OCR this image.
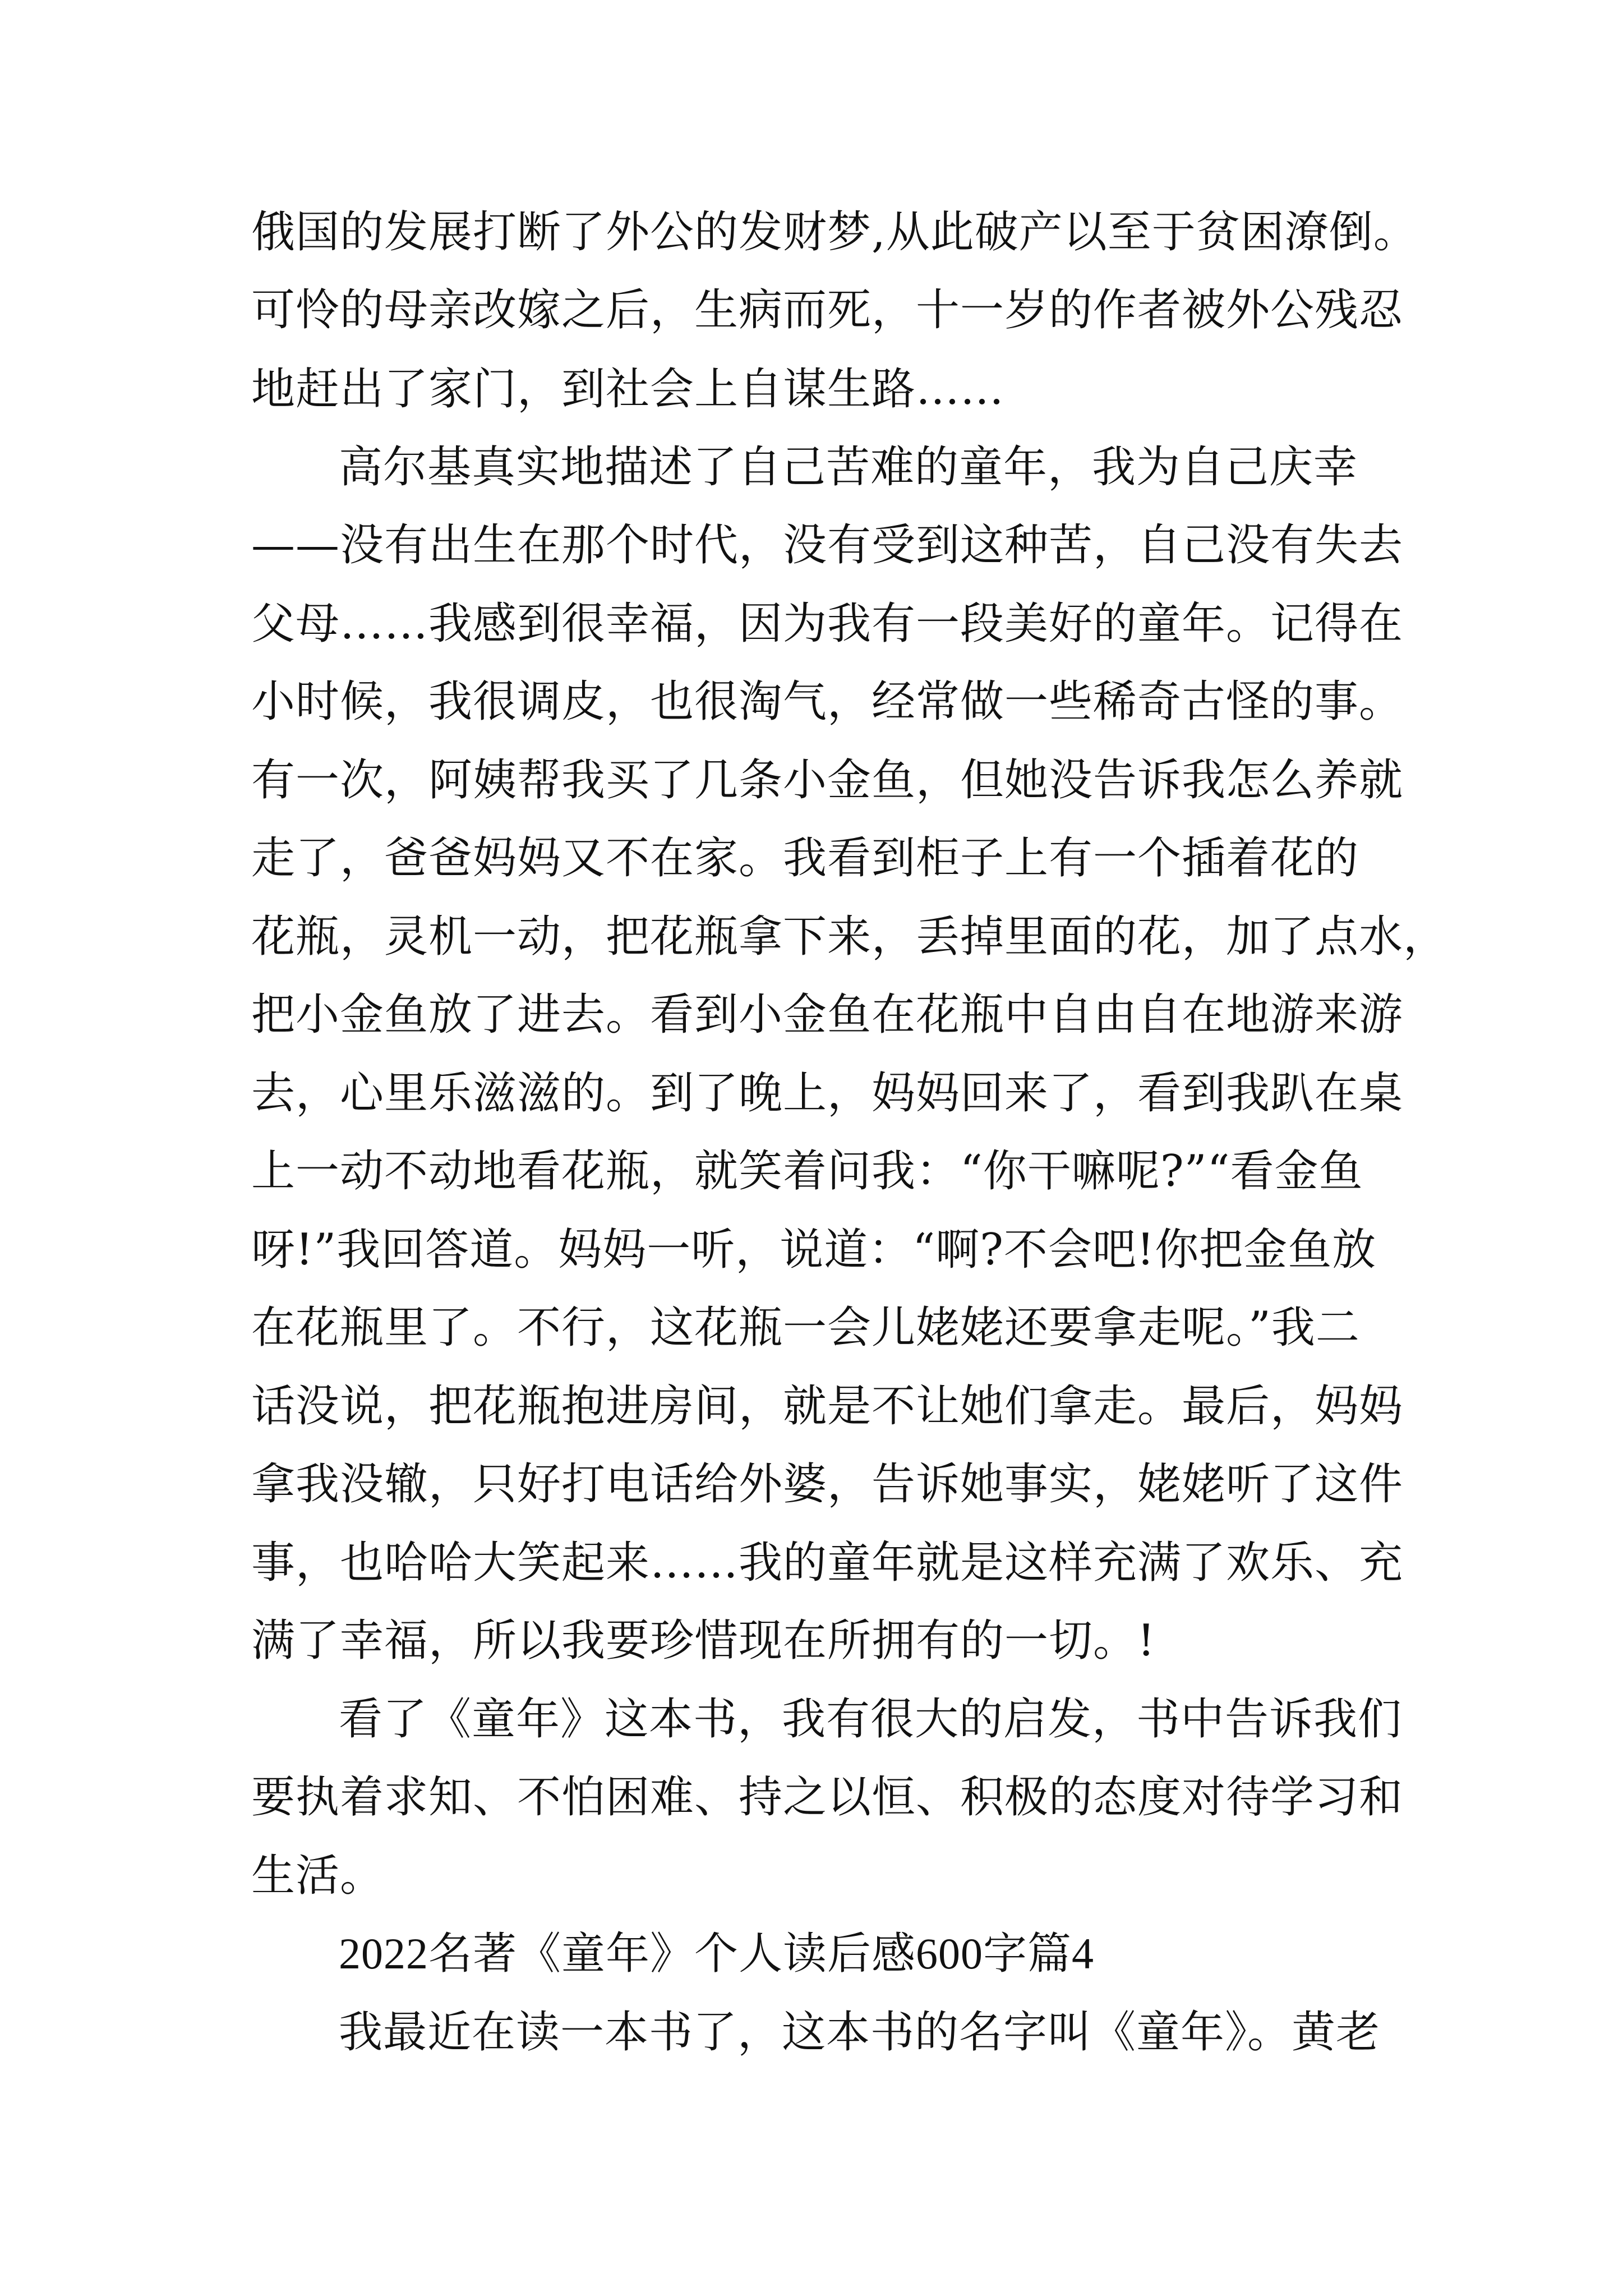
俄国的发展打断了外公的发财梦,从此破产以至于贫困潦倒。
可怜的母亲改嫁之后，生病而死，十一岁的作者被外公残忍
地赶出了家门，到社会上自谋生路……
高尔基真实地描述了自己苦难的童年，我为自己庆幸
——没有出生在那个时代，没有受到这种苦，自己没有失去
父母……我感到很幸福，因为我有一段美好的童年。记得在
小时候，我很调皮，也很淘气，经常做一些稀奇古怪的事。
有一次，阿姨帮我买了几条小金鱼，但她没告诉我怎么养就
走了，爸爸妈妈又不在家。我看到柜子上有一个插着花的
花瓶，灵机一动，把花瓶拿下来，丢掉里面的花，加了点水，
把小金鱼放了进去。看到小金鱼在花瓶中自由自在地游来游
去，心里乐滋滋的。到了晚上，妈妈回来了，看到我趴在桌
上一动不动地看花瓶，就笑着问我：“你干嘛呢?”“看金鱼
呀!”我回答道。妈妈一听，说道：“啊?不会吧!你把金鱼放
在花瓶里了。不行，这花瓶一会儿姥姥还要拿走呢。”我二
话没说，把花瓶抱进房间，就是不让她们拿走。最后，妈妈
拿我没辙，只好打电话给外婆，告诉她事实，姥姥听了这件
事，也哈哈大笑起来……我的童年就是这样充满了欢乐、充
满了幸福，所以我要珍惜现在所拥有的一切。!
看了《童年》这本书，我有很大的启发，书中告诉我们
要执着求知、不怕困难、持之以恒、积极的态度对待学习和
生活。
2022名著《童年》个人读后感600字篇4
我最近在读一本书了，这本书的名字叫《童年》。黄老
